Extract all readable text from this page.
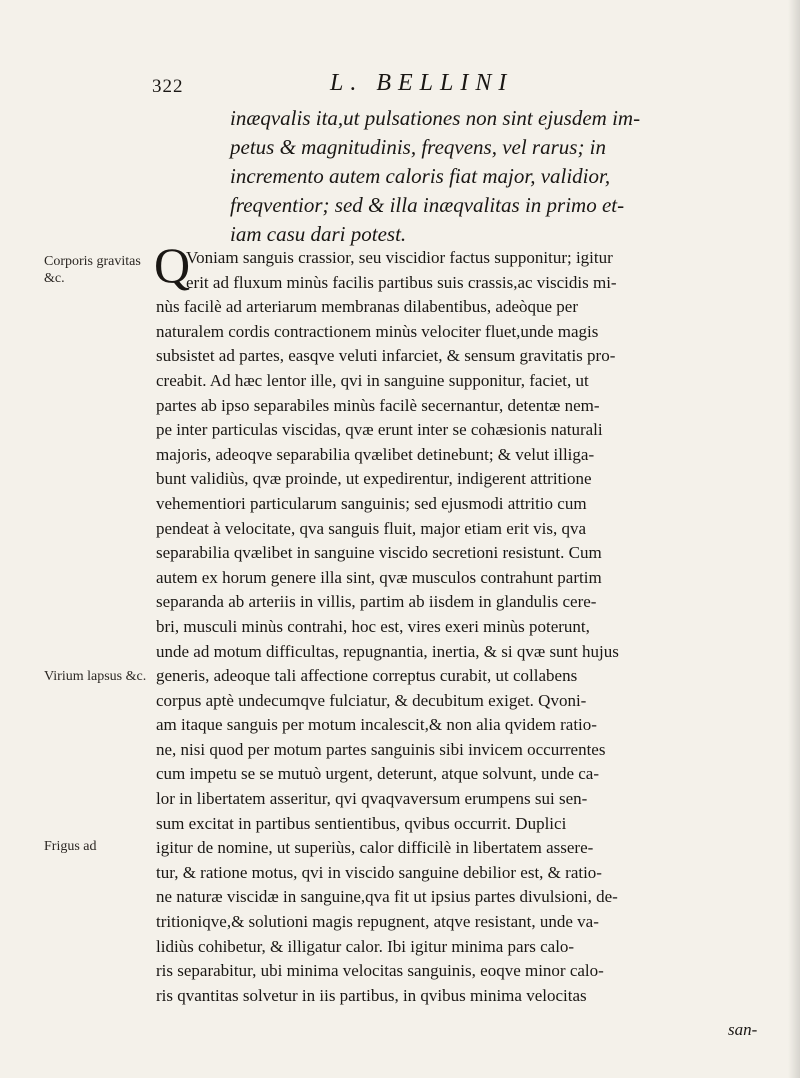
322	L. BELLINI
inæqvalis ita,ut pulsationes non sint ejusdem im-
petus & magnitudinis, freqvens, vel rarus; in
incremento autem caloris fiat major, validior,
freqventior; sed & illa inæqvalitas in primo et-
iam casu dari potest.
Corporis gravitas &c.
Virium lapsus &c.
Frigus ad
Q
Voniam sanguis crassior, seu viscidior factus supponitur; igitur
erit ad fluxum minùs facilis partibus suis crassis,ac viscidis mi-
nùs facilè ad arteriarum membranas dilabentibus, adeòque per
naturalem cordis contractionem minùs velociter fluet,unde magis
subsistet ad partes, easqve veluti infarciet, & sensum gravitatis pro-
creabit. Ad hæc lentor ille, qvi in sanguine supponitur, faciet, ut
partes ab ipso separabiles minùs facilè secernantur, detentæ nem-
pe inter particulas viscidas, qvæ erunt inter se cohæsionis naturali
majoris, adeoqve separabilia qvælibet detinebunt; & velut illiga-
bunt validiùs, qvæ proinde, ut expedirentur, indigerent attritione
vehementiori particularum sanguinis; sed ejusmodi attritio cum
pendeat à velocitate, qva sanguis fluit, major etiam erit vis, qva
separabilia qvælibet in sanguine viscido secretioni resistunt. Cum
autem ex horum genere illa sint, qvæ musculos contrahunt partim
separanda ab arteriis in villis, partim ab iisdem in glandulis cere-
bri, musculi minùs contrahi, hoc est, vires exeri minùs poterunt,
unde ad motum difficultas, repugnantia, inertia, & si qvæ sunt hujus
generis, adeoque tali affectione correptus curabit, ut collabens
corpus aptè undecumqve fulciatur, & decubitum exiget. Qvoni-
am itaque sanguis per motum incalescit,& non alia qvidem ratio-
ne, nisi quod per motum partes sanguinis sibi invicem occurrentes
cum impetu se se mutuò urgent, deterunt, atque solvunt, unde ca-
lor in libertatem asseritur, qvi qvaqvaversum erumpens sui sen-
sum excitat in partibus sentientibus, qvibus occurrit. Duplici
igitur de nomine, ut superiùs, calor difficilè in libertatem assere-
tur, & ratione motus, qvi in viscido sanguine debilior est, & ratio-
ne naturæ viscidæ in sanguine,qva fit ut ipsius partes divulsioni, de-
tritioniqve,& solutioni magis repugnent, atqve resistant, unde va-
lidiùs cohibetur, & illigatur calor. Ibi igitur minima pars calo-
ris separabitur, ubi minima velocitas sanguinis, eoqve minor calo-
ris qvantitas solvetur in iis partibus, in qvibus minima velocitas
san-
